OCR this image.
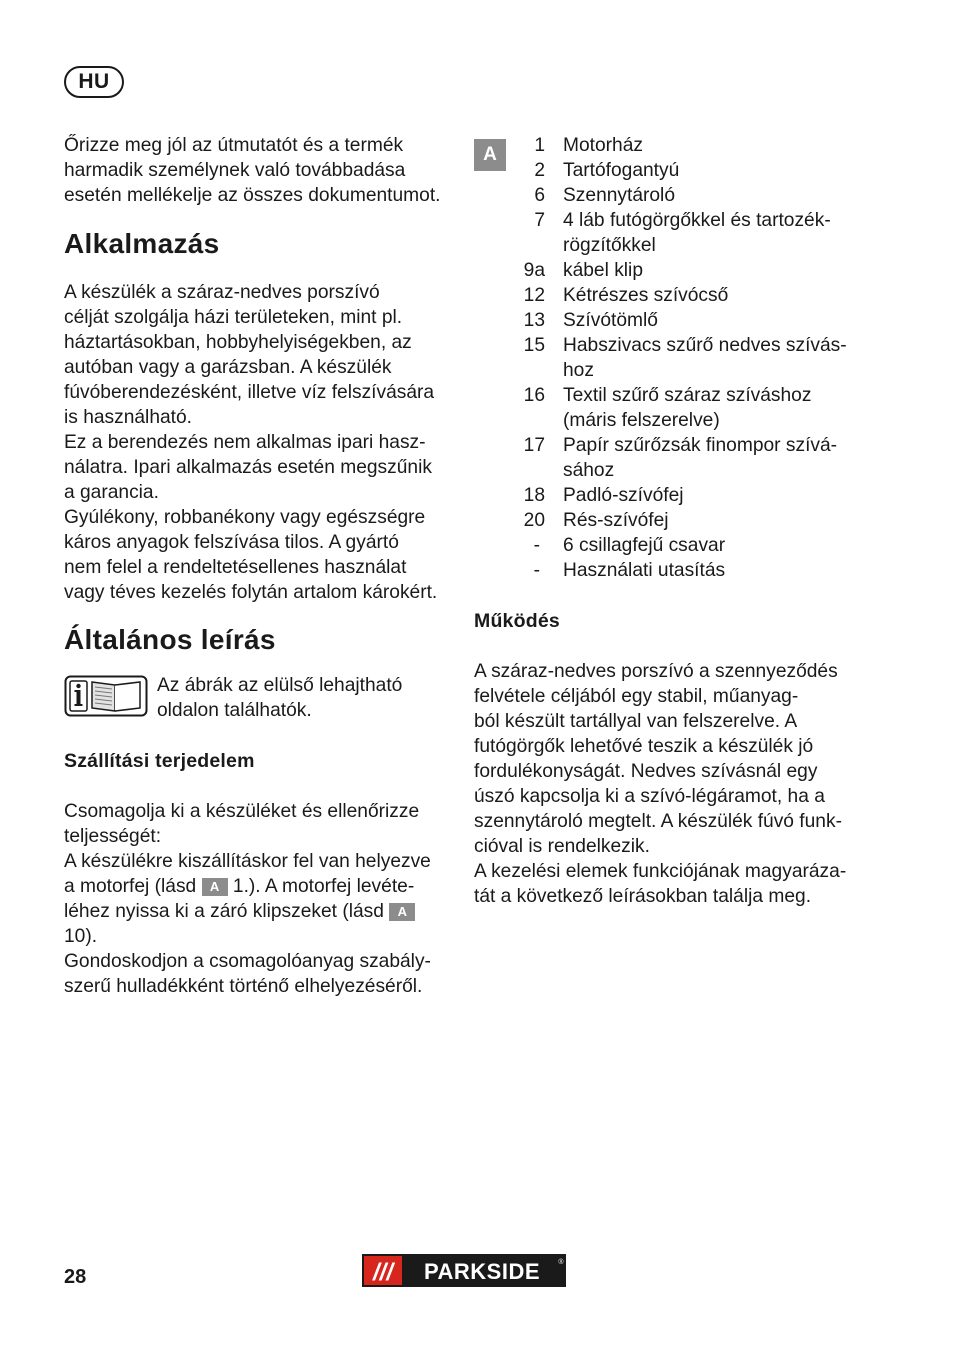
HU
Őrizze meg jól az útmutatót és a termék
harmadik személynek való továbbadása
esetén mellékelje az összes dokumentumot.
Alkalmazás
A készülék a száraz-nedves porszívó
célját szolgálja házi területeken, mint pl.
háztartásokban, hobbyhelyiségekben, az
autóban vagy a garázsban. A készülék
fúvóberendezésként, illetve víz felszívására
is használható.
Ez a berendezés nem alkalmas ipari hasz-
nálatra. Ipari alkalmazás esetén megszűnik
a garancia.
Gyúlékony, robbanékony vagy egészségre
káros anyagok felszívása tilos. A gyártó
nem felel a rendeltetésellenes használat
vagy téves kezelés folytán artalom károkért.
Általános leírás
Az ábrák az elülső lehajtható
oldalon találhatók.
Szállítási terjedelem
Csomagolja ki a készüléket és ellenőrizze
teljességét:
A készülékre kiszállításkor fel van helyezve
a motorfej (lásd A 1.). A motorfej levéte-
léhez nyissa ki a záró klipszeket (lásd A
10).
Gondoskodjon a csomagolóanyag szabály-
szerű hulladékként történő elhelyezéséről.
A	1 Motorház
2 Tartófogantyú
6 Szennytároló
7 4 láb futógörgőkkel és tartozék-
rögzítőkkel
9a kábel klip
12 Kétrészes szívócső
13 Szívótömlő
15 Habszivacs szűrő nedves szívás-
hoz
16 Textil szűrő száraz szíváshoz
(máris felszerelve)
17 Papír szűrőzsák finompor szívá-
sához
18 Padló-szívófej
20 Rés-szívófej
- 6 csillagfejű csavar
- Használati utasítás
Működés
A száraz-nedves porszívó a szennyeződés
felvétele céljából egy stabil, műanyag-
ból készült tartállyal van felszerelve. A
futógörgők lehetővé teszik a készülék jó
fordulékonyságát. Nedves szívásnál egy
úszó kapcsolja ki a szívó-légáramot, ha a
szennytároló megtelt. A készülék fúvó funk-
cióval is rendelkezik.
A kezelési elemek funkciójának magyaráza-
tát a következő leírásokban találja meg.
28	/// PARKSIDE	®
